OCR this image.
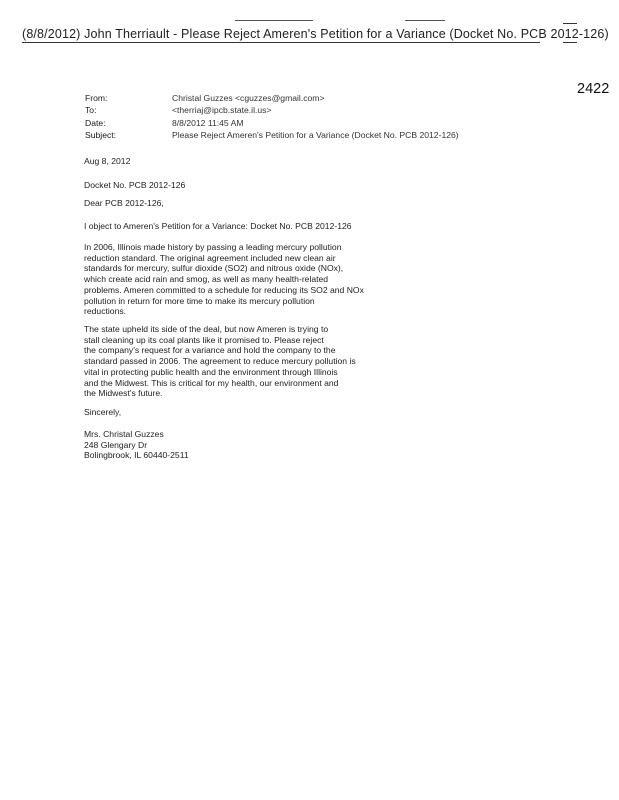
(8/8/2012) John Therriault - Please Reject Ameren's Petition for a Variance (Docket No. PCB 2012-126)
2422
From:	Christal Guzzes <cguzzes@gmail.com>
To:	<therriaj@ipcb.state.il.us>
Date:	8/8/2012 11:45 AM
Subject:	Please Reject Ameren's Petition for a Variance (Docket No. PCB 2012-126)
Aug 8, 2012
Docket No. PCB 2012-126
Dear PCB 2012-126,
I object to Ameren's Petition for a Variance: Docket No. PCB 2012-126
In 2006, Illinois made history by passing a leading mercury pollution
reduction standard. The original agreement included new clean air
standards for mercury, sulfur dioxide (SO2) and nitrous oxide (NOx),
which create acid rain and smog, as well as many health-related
problems. Ameren committed to a schedule for reducing its SO2 and NOx
pollution in return for more time to make its mercury pollution
reductions.
The state upheld its side of the deal, but now Ameren is trying to
stall cleaning up its coal plants like it promised to. Please reject
the company's request for a variance and hold the company to the
standard passed in 2006. The agreement to reduce mercury pollution is
vital in protecting public health and the environment through Illinois
and the Midwest. This is critical for my health, our environment and
the Midwest's future.
Sincerely,
Mrs. Christal Guzzes
248 Glengary Dr
Bolingbrook, IL 60440-2511
